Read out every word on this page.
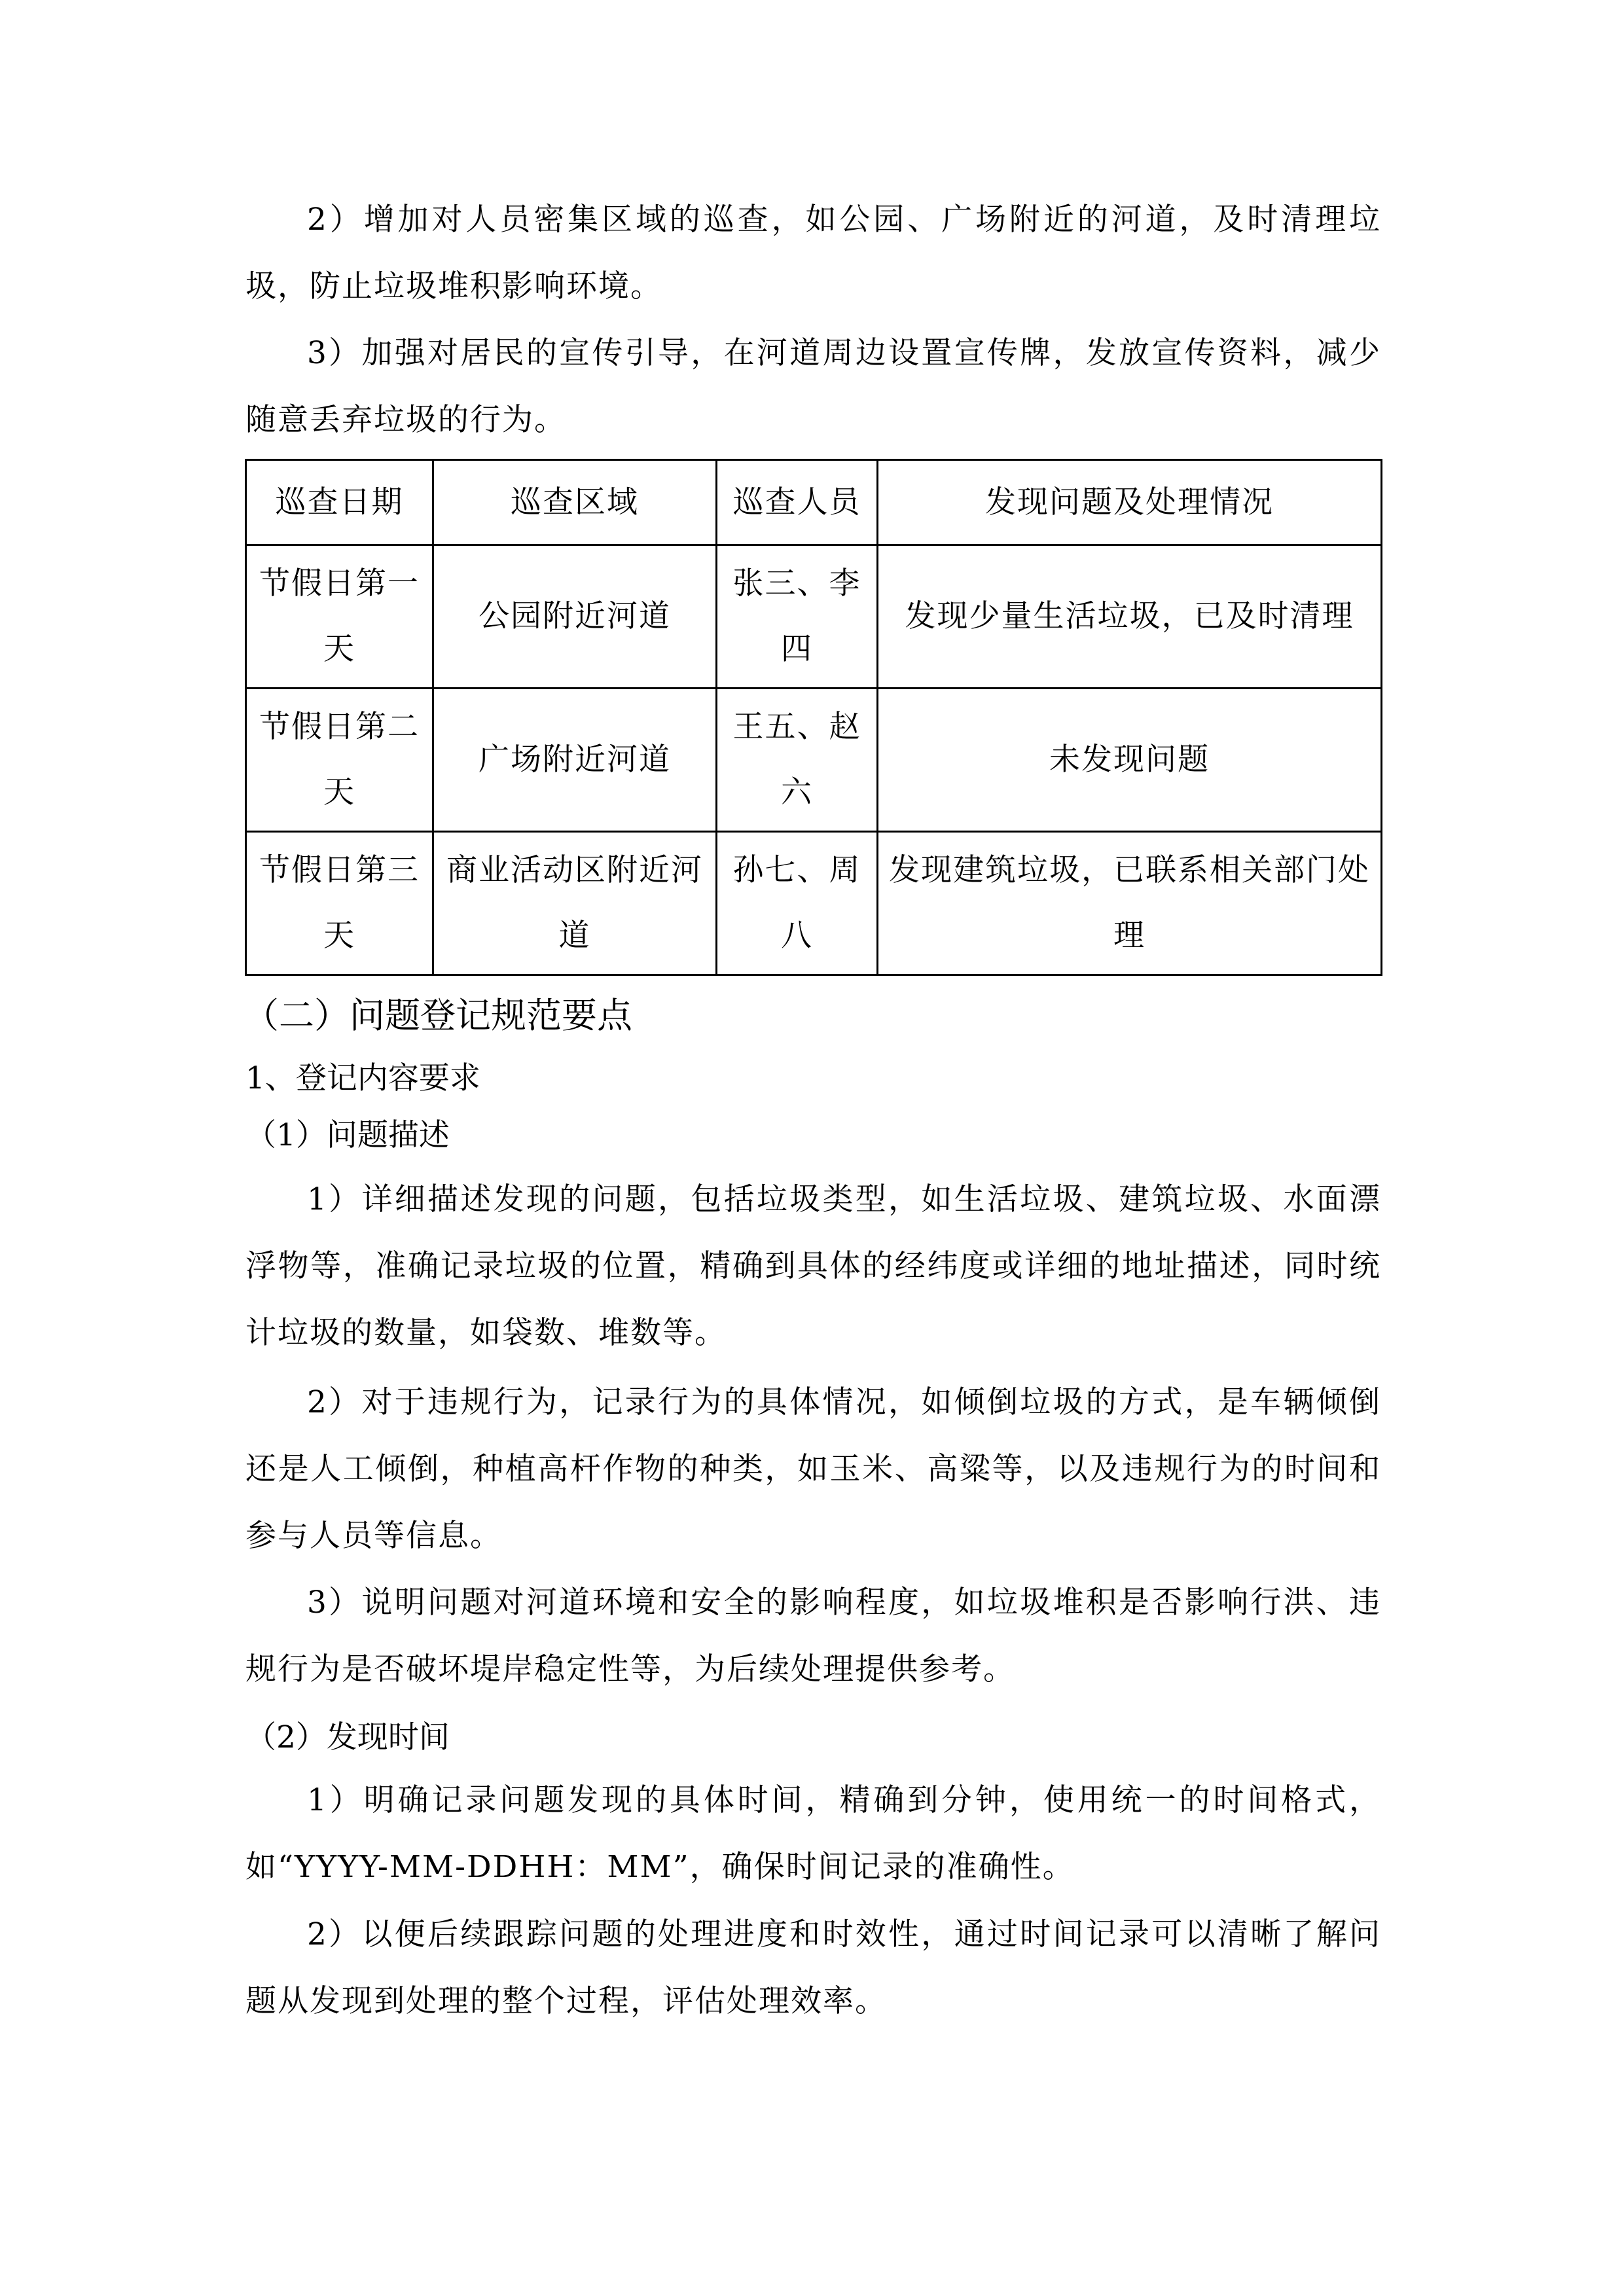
2）增加对人员密集区域的巡查，如公园、广场附近的河道，及时清理垃圾，防止垃圾堆积影响环境。

3）加强对居民的宣传引导，在河道周边设置宣传牌，发放宣传资料，减少随意丢弃垃圾的行为。

巡查日期	巡查区域	巡查人员	发现问题及处理情况
节假日第一天	公园附近河道	张三、李四	发现少量生活垃圾，已及时清理
节假日第二天	广场附近河道	王五、赵六	未发现问题
节假日第三天	商业活动区附近河道	孙七、周八	发现建筑垃圾，已联系相关部门处理

（二）问题登记规范要点

1、登记内容要求

（1）问题描述

1）详细描述发现的问题，包括垃圾类型，如生活垃圾、建筑垃圾、水面漂浮物等，准确记录垃圾的位置，精确到具体的经纬度或详细的地址描述，同时统计垃圾的数量，如袋数、堆数等。

2）对于违规行为，记录行为的具体情况，如倾倒垃圾的方式，是车辆倾倒还是人工倾倒，种植高杆作物的种类，如玉米、高粱等，以及违规行为的时间和参与人员等信息。

3）说明问题对河道环境和安全的影响程度，如垃圾堆积是否影响行洪、违规行为是否破坏堤岸稳定性等，为后续处理提供参考。

（2）发现时间

1）明确记录问题发现的具体时间，精确到分钟，使用统一的时间格式，如“YYYY-MM-DDHH：MM”，确保时间记录的准确性。

2）以便后续跟踪问题的处理进度和时效性，通过时间记录可以清晰了解问题从发现到处理的整个过程，评估处理效率。
